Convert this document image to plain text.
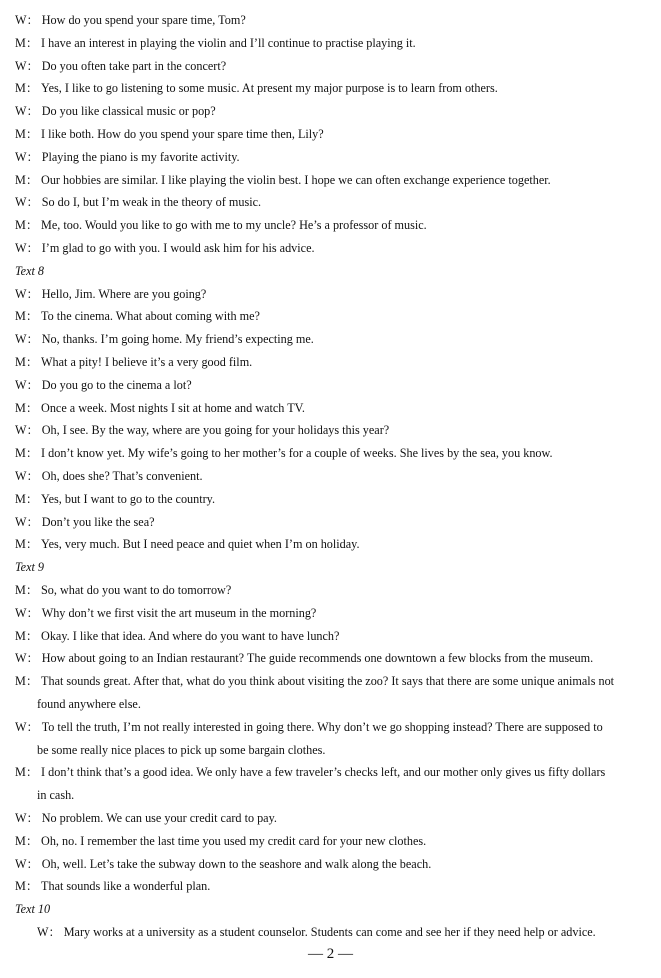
W： How do you spend your spare time, Tom?
M： I have an interest in playing the violin and I’ll continue to practise playing it.
W： Do you often take part in the concert?
M： Yes, I like to go listening to some music. At present my major purpose is to learn from others.
W： Do you like classical music or pop?
M： I like both. How do you spend your spare time then, Lily?
W： Playing the piano is my favorite activity.
M： Our hobbies are similar. I like playing the violin best. I hope we can often exchange experience together.
W： So do I, but I’m weak in the theory of music.
M： Me, too. Would you like to go with me to my uncle? He’s a professor of music.
W： I’m glad to go with you. I would ask him for his advice.
Text 8
W： Hello, Jim. Where are you going?
M： To the cinema. What about coming with me?
W： No, thanks. I’m going home. My friend’s expecting me.
M： What a pity! I believe it’s a very good film.
W： Do you go to the cinema a lot?
M： Once a week. Most nights I sit at home and watch TV.
W： Oh, I see. By the way, where are you going for your holidays this year?
M： I don’t know yet. My wife’s going to her mother’s for a couple of weeks. She lives by the sea, you know.
W： Oh, does she? That’s convenient.
M： Yes, but I want to go to the country.
W： Don’t you like the sea?
M： Yes, very much. But I need peace and quiet when I’m on holiday.
Text 9
M： So, what do you want to do tomorrow?
W： Why don’t we first visit the art museum in the morning?
M： Okay. I like that idea. And where do you want to have lunch?
W： How about going to an Indian restaurant? The guide recommends one downtown a few blocks from the museum.
M： That sounds great. After that, what do you think about visiting the zoo? It says that there are some unique animals not
found anywhere else.
W： To tell the truth, I’m not really interested in going there. Why don’t we go shopping instead? There are supposed to
be some really nice places to pick up some bargain clothes.
M： I don’t think that’s a good idea. We only have a few traveler’s checks left, and our mother only gives us fifty dollars
in cash.
W： No problem. We can use your credit card to pay.
M： Oh, no. I remember the last time you used my credit card for your new clothes.
W： Oh, well. Let’s take the subway down to the seashore and walk along the beach.
M： That sounds like a wonderful plan.
Text 10
W： Mary works at a university as a student counselor. Students can come and see her if they need help or advice.
— 2 —
